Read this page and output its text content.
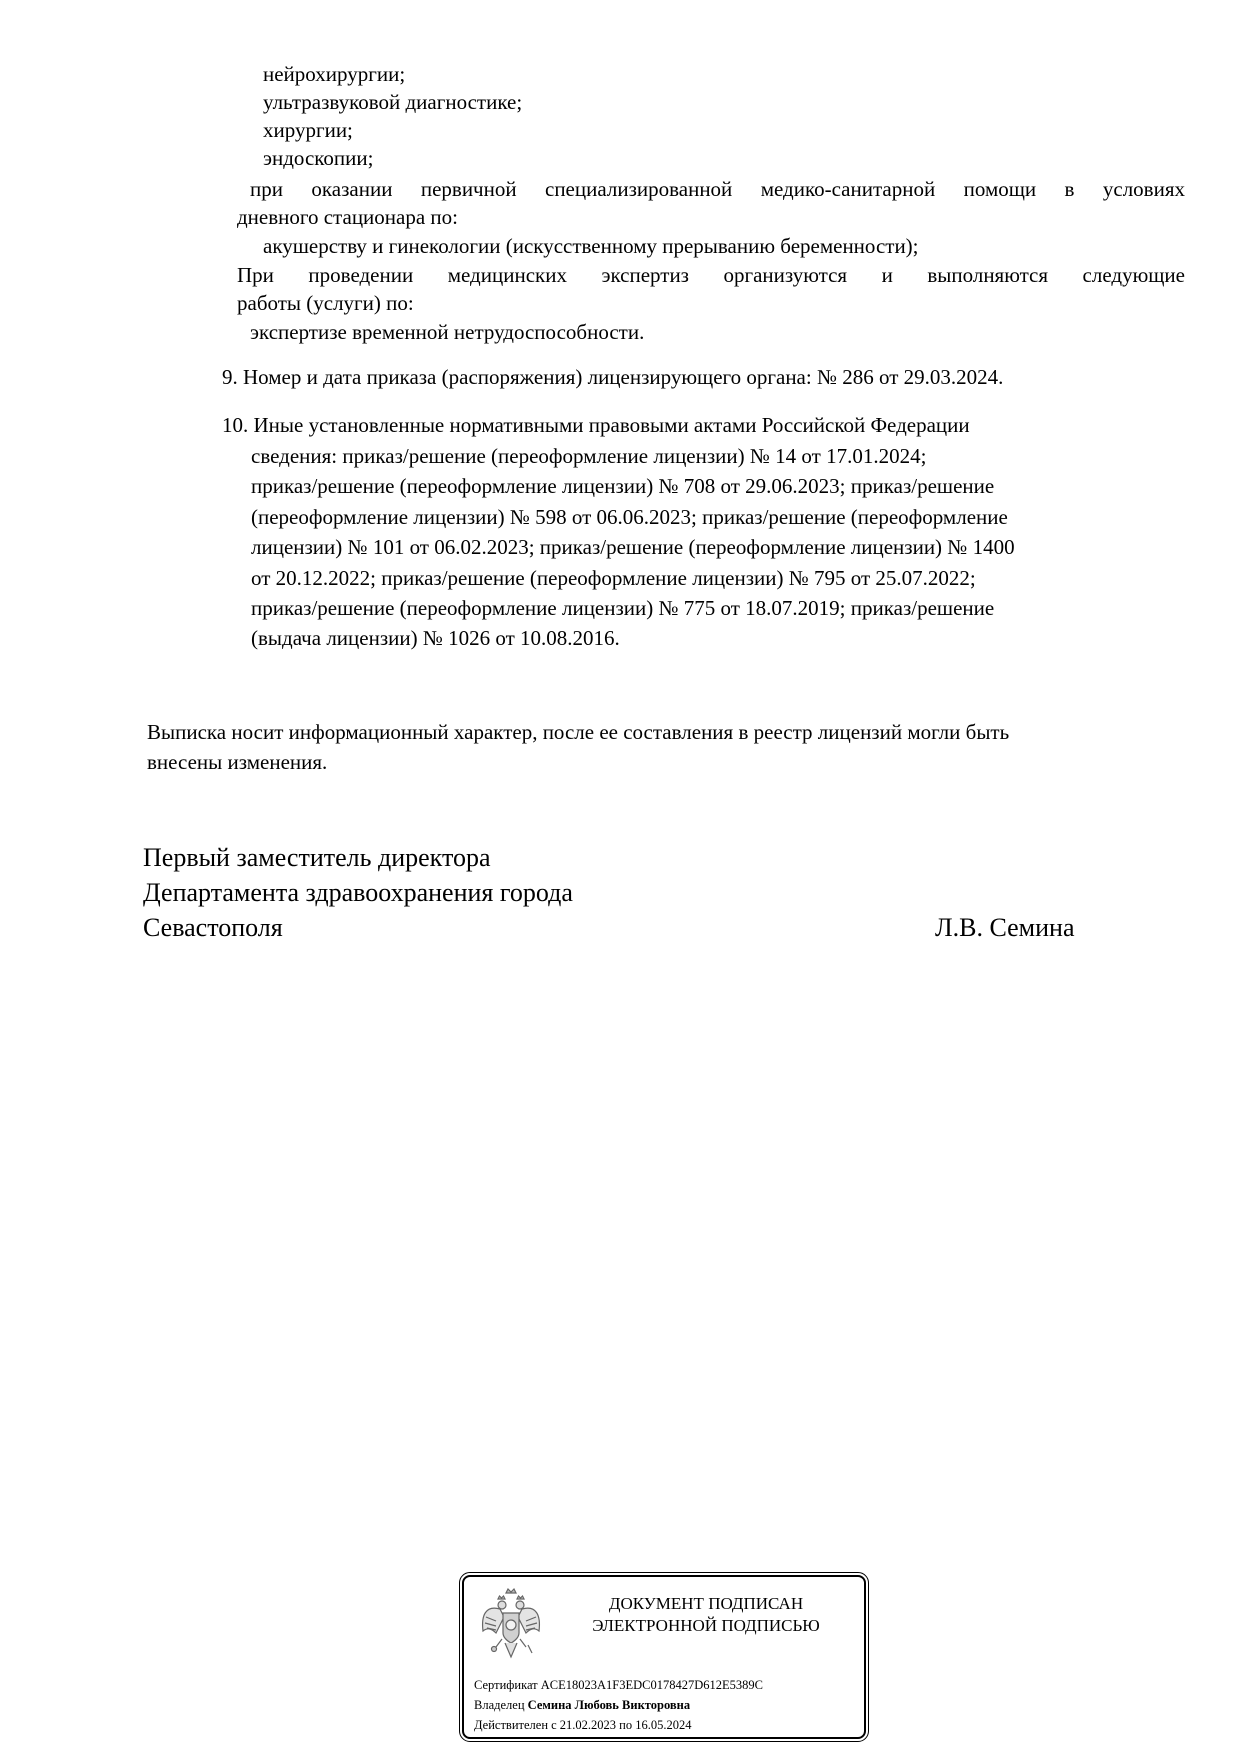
нейрохирургии;
ультразвуковой диагностике;
хирургии;
эндоскопии;
при оказании первичной специализированной медико-санитарной помощи в условиях
дневного стационара по:
акушерству и гинекологии (искусственному прерыванию беременности);
При проведении медицинских экспертиз организуются и выполняются следующие
работы (услуги) по:
экспертизе временной нетрудоспособности.
9. Номер и дата приказа (распоряжения) лицензирующего органа: № 286 от 29.03.2024.
10. Иные установленные нормативными правовыми актами Российской Федерации
сведения: приказ/решение (переоформление лицензии) № 14 от 17.01.2024;
приказ/решение (переоформление лицензии) № 708 от 29.06.2023; приказ/решение
(переоформление лицензии) № 598 от 06.06.2023; приказ/решение (переоформление
лицензии) № 101 от 06.02.2023; приказ/решение (переоформление лицензии) № 1400
от 20.12.2022; приказ/решение (переоформление лицензии) № 795 от 25.07.2022;
приказ/решение (переоформление лицензии) № 775 от 18.07.2019; приказ/решение
(выдача лицензии) № 1026 от 10.08.2016.
Выписка носит информационный характер, после ее составления в реестр лицензий могли быть
внесены изменения.
Первый заместитель директора
Департамента здравоохранения города
Севастополя	Л.В. Семина
ДОКУМЕНТ ПОДПИСАН
ЭЛЕКТРОННОЙ ПОДПИСЬЮ
Сертификат ACE18023A1F3EDC0178427D612E5389C
Владелец Семина Любовь Викторовна
Действителен с 21.02.2023 по 16.05.2024
